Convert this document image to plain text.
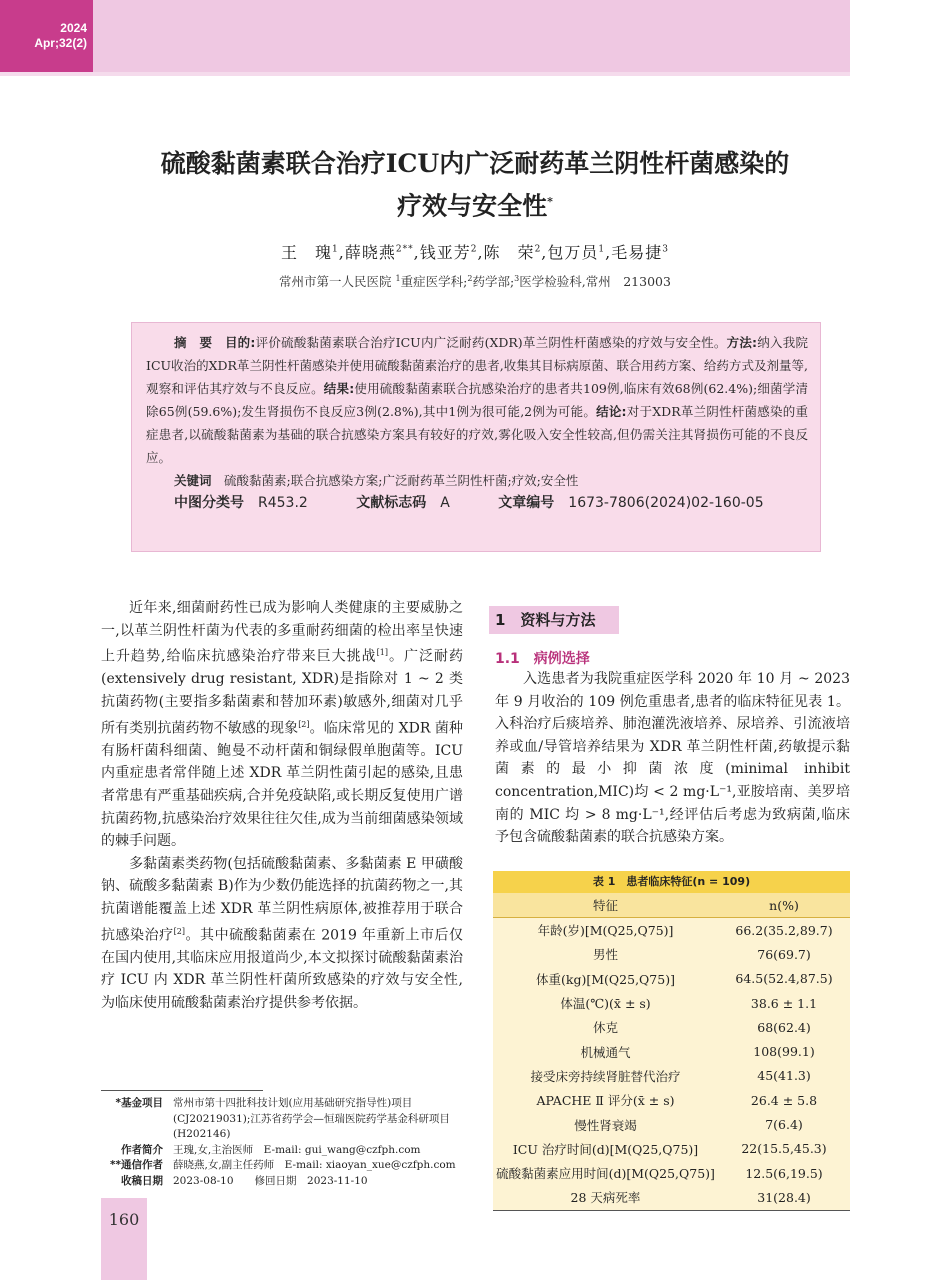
2024
Apr;32(2)
硫酸黏菌素联合治疗ICU内广泛耐药革兰阴性杆菌感染的
疗效与安全性*
王　瑰$^1$,薛晓燕$^{2**}$,钱亚芳$^2$,陈　荣$^2$,包万员$^1$,毛易捷$^3$
常州市第一人民医院 $^1$重症医学科;$^2$药学部;$^3$医学检验科,常州　213003
摘　要　 目的:评价硫酸黏菌素联合治疗ICU内广泛耐药(XDR)革兰阴性杆菌感染的疗效与安全性。方法:纳入我院ICU收治的XDR革兰阴性杆菌感染并使用硫酸黏菌素治疗的患者,收集其目标病原菌、联合用药方案、给药方式及剂量等,观察和评估其疗效与不良反应。结果:使用硫酸黏菌素联合抗感染治疗的患者共109例,临床有效68例(62.4%);细菌学清除65例(59.6%);发生肾损伤不良反应3例(2.8%),其中1例为很可能,2例为可能。结论:对于XDR革兰阴性杆菌感染的重症患者,以硫酸黏菌素为基础的联合抗感染方案具有较好的疗效,雾化吸入安全性较高,但仍需关注其肾损伤可能的不良反应。
关键词　 硫酸黏菌素;联合抗感染方案;广泛耐药革兰阴性杆菌;疗效;安全性
中图分类号　 R453.2	文献标志码　 A	文章编号　 1673-7806(2024)02-160-05

近年来,细菌耐药性已成为影响人类健康的主要威胁之一,以革兰阴性杆菌为代表的多重耐药细菌的检出率呈快速上升趋势,给临床抗感染治疗带来巨大挑战[1]。广泛耐药(extensively drug resistant, XDR)是指除对 1 ~ 2 类抗菌药物(主要指多黏菌素和替加环素)敏感外,细菌对几乎所有类别抗菌药物不敏感的现象[2]。临床常见的 XDR 菌种有肠杆菌科细菌、鲍曼不动杆菌和铜绿假单胞菌等。ICU 内重症患者常伴随上述 XDR 革兰阴性菌引起的感染,且患者常患有严重基础疾病,合并免疫缺陷,或长期反复使用广谱抗菌药物,抗感染治疗效果往往欠佳,成为当前细菌感染领域的棘手问题。

多黏菌素类药物(包括硫酸黏菌素、多黏菌素 E 甲磺酸钠、硫酸多黏菌素 B)作为少数仍能选择的抗菌药物之一,其抗菌谱能覆盖上述 XDR 革兰阴性病原体,被推荐用于联合抗感染治疗[2]。其中硫酸黏菌素在 2019 年重新上市后仅在国内使用,其临床应用报道尚少,本文拟探讨硫酸黏菌素治疗 ICU 内 XDR 革兰阴性杆菌所致感染的疗效与安全性,为临床使用硫酸黏菌素治疗提供参考依据。

*基金项目 常州市第十四批科技计划(应用基础研究指导性)项目(CJ20219031);江苏省药学会—恒瑞医院药学基金科研项目(H202146)
作者简介 王瑰,女,主治医师　E-mail: gui_wang@czfph.com
**通信作者 薛晓燕,女,副主任药师　E-mail: xiaoyan_xue@czfph.com
收稿日期 2023-08-10　　修回日期　2023-11-10
160
1　资料与方法
1.1　病例选择

入选患者为我院重症医学科 2020 年 10 月 ~ 2023 年 9 月收治的 109 例危重患者,患者的临床特征见表 1。入科治疗后痰培养、肺泡灌洗液培养、尿培养、引流液培养或血/导管培养结果为 XDR 革兰阴性杆菌,药敏提示黏菌素的最小抑菌浓度(minimal inhibit concentration,MIC)均 < 2 mg·L⁻¹,亚胺培南、美罗培南的 MIC 均 > 8 mg·L⁻¹,经评估后考虑为致病菌,临床予包含硫酸黏菌素的联合抗感染方案。

表 1　患者临床特征(n = 109)
特征	n(%)
年龄(岁)[M(Q25,Q75)]	66.2(35.2,89.7)
男性	76(69.7)
体重(kg)[M(Q25,Q75)]	64.5(52.4,87.5)
体温(℃)(x̄ ± s)	38.6 ± 1.1
休克	68(62.4)
机械通气	108(99.1)
接受床旁持续肾脏替代治疗	45(41.3)
APACHE Ⅱ 评分(x̄ ± s)	26.4 ± 5.8
慢性肾衰竭	7(6.4)
ICU 治疗时间(d)[M(Q25,Q75)]	22(15.5,45.3)
硫酸黏菌素应用时间(d)[M(Q25,Q75)]	12.5(6,19.5)
28 天病死率	31(28.4)
